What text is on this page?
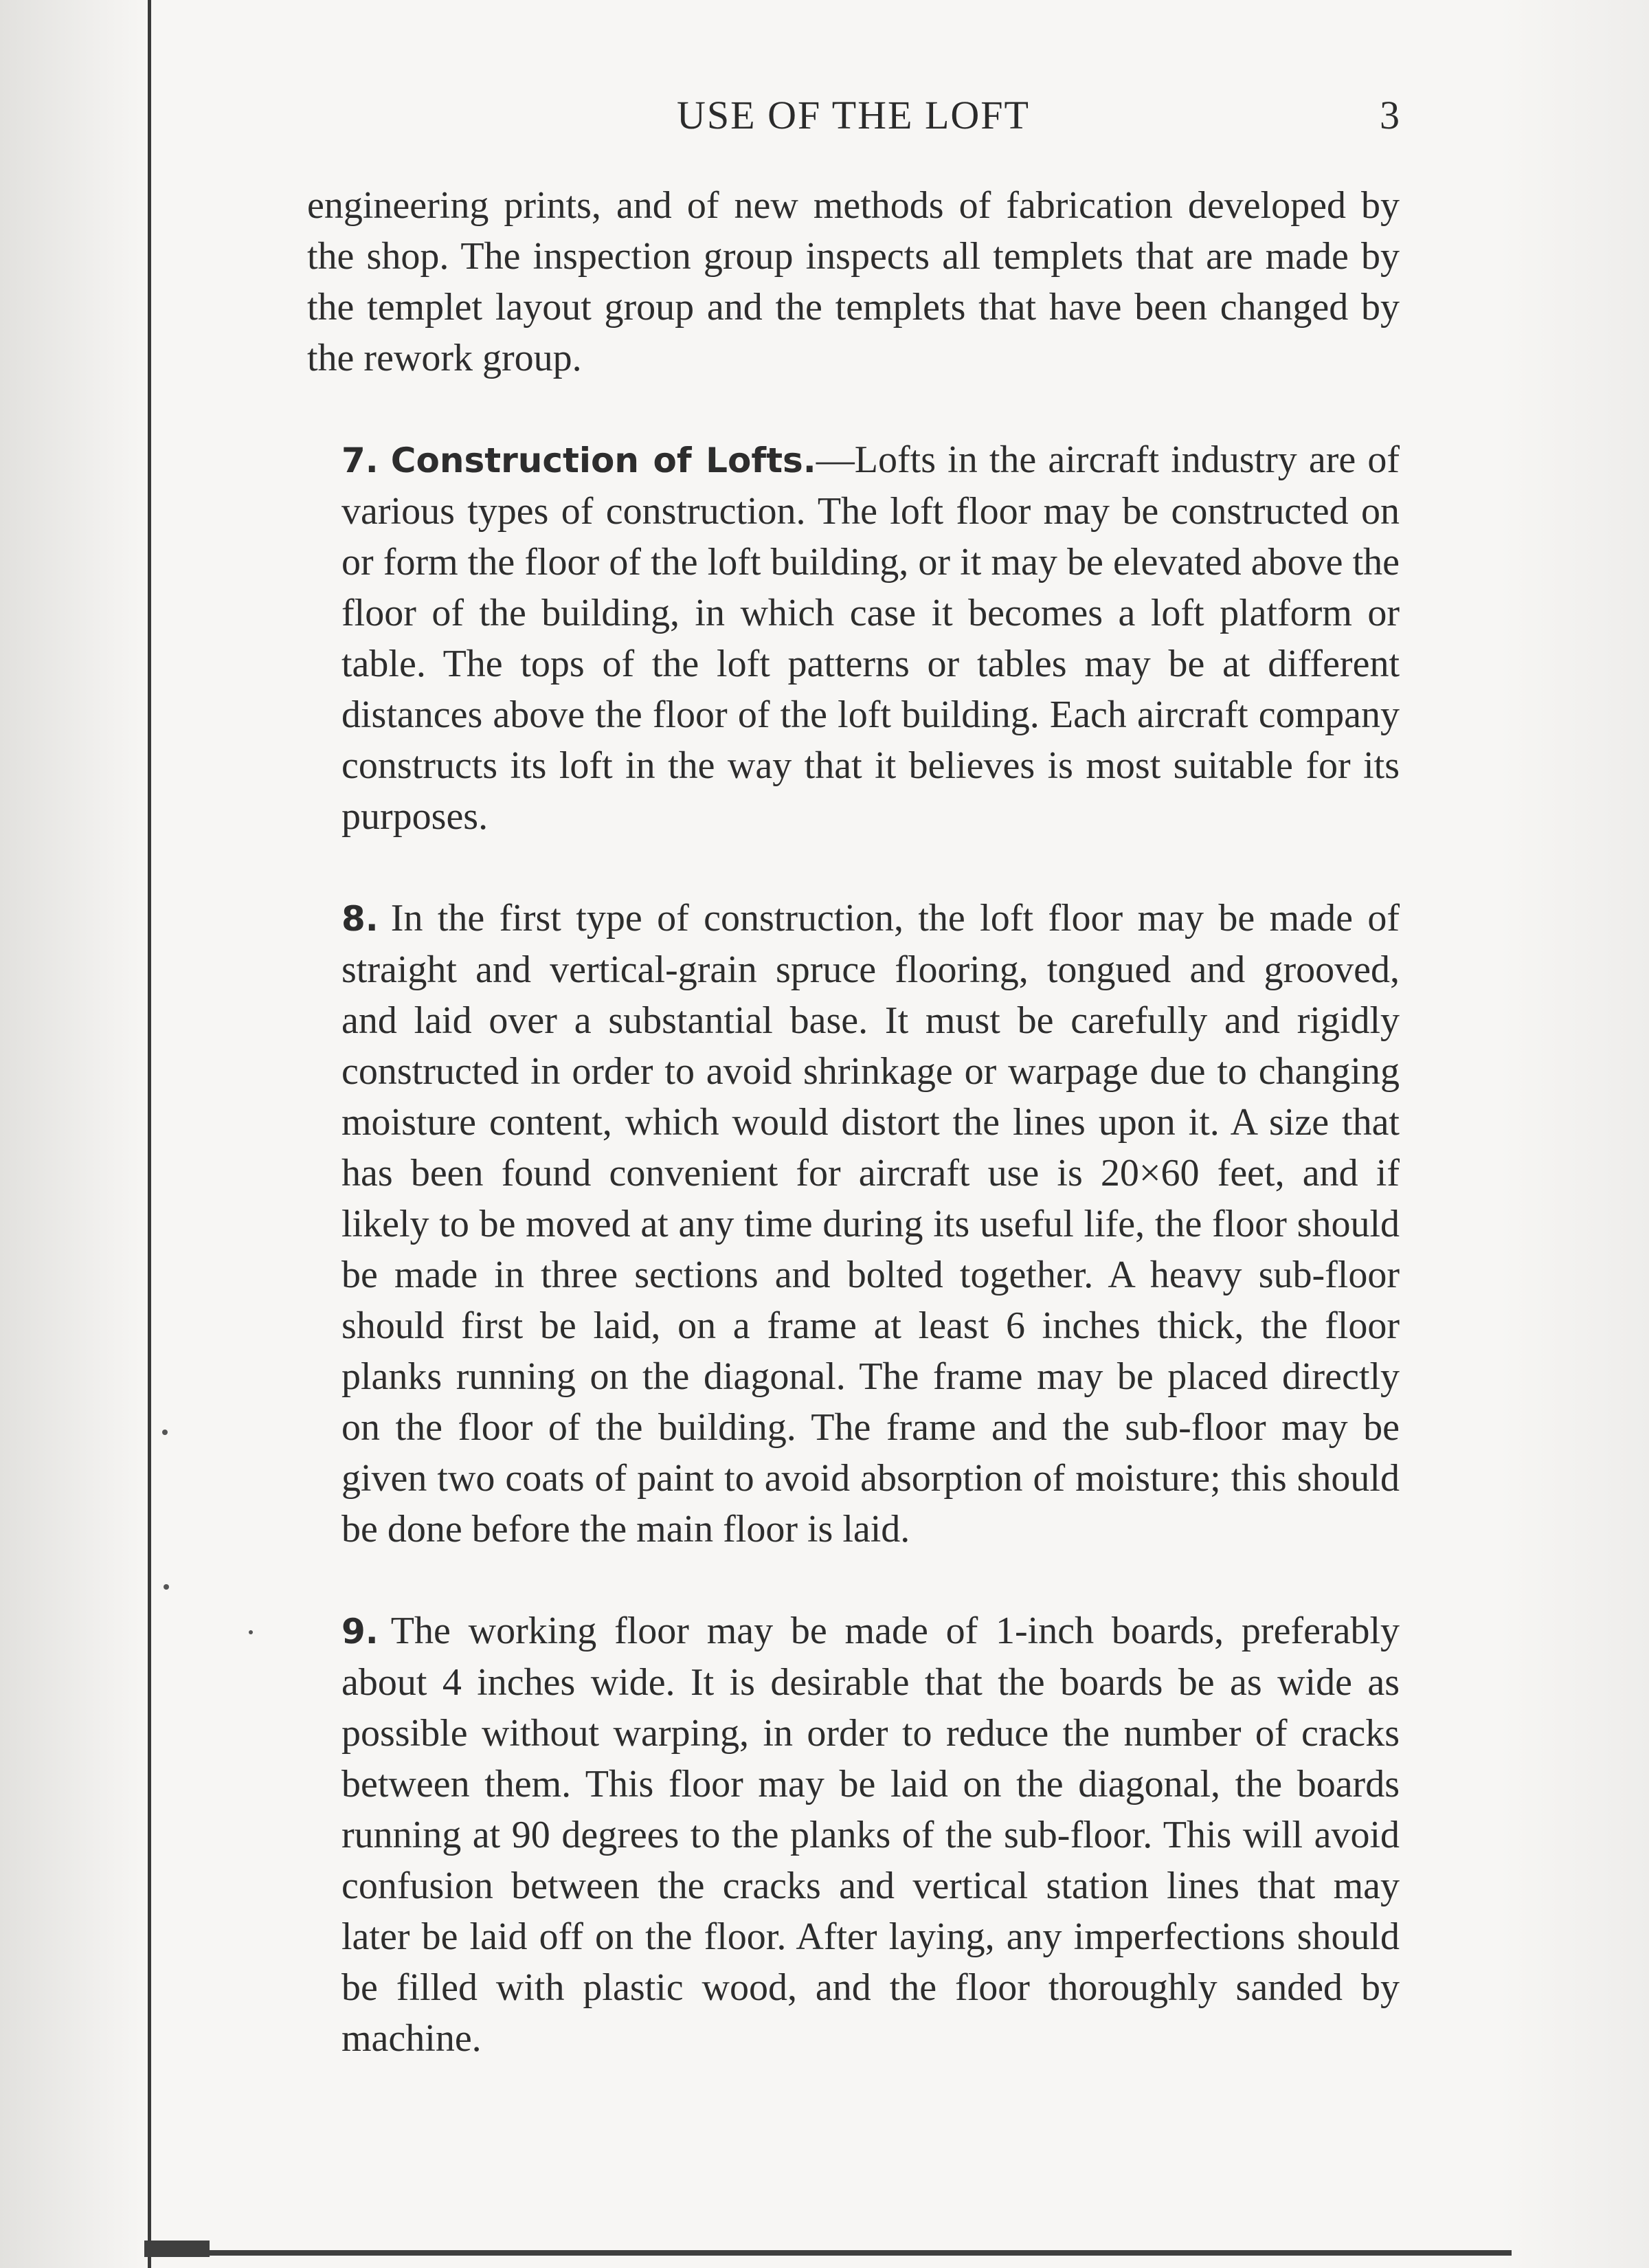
USE OF THE LOFT	3

engineering prints, and of new methods of fabrication developed by the shop. The inspection group inspects all templets that are made by the templet layout group and the templets that have been changed by the rework group.

7. Construction of Lofts.—Lofts in the aircraft industry are of various types of construction. The loft floor may be constructed on or form the floor of the loft building, or it may be elevated above the floor of the building, in which case it becomes a loft platform or table. The tops of the loft patterns or tables may be at different distances above the floor of the loft building. Each aircraft company constructs its loft in the way that it believes is most suitable for its purposes.

8. In the first type of construction, the loft floor may be made of straight and vertical-grain spruce flooring, tongued and grooved, and laid over a substantial base. It must be carefully and rigidly constructed in order to avoid shrinkage or warpage due to changing moisture content, which would distort the lines upon it. A size that has been found convenient for aircraft use is 20×60 feet, and if likely to be moved at any time during its useful life, the floor should be made in three sections and bolted together. A heavy sub-floor should first be laid, on a frame at least 6 inches thick, the floor planks running on the diagonal. The frame may be placed directly on the floor of the building. The frame and the sub-floor may be given two coats of paint to avoid absorption of moisture; this should be done before the main floor is laid.

9. The working floor may be made of 1-inch boards, preferably about 4 inches wide. It is desirable that the boards be as wide as possible without warping, in order to reduce the number of cracks between them. This floor may be laid on the diagonal, the boards running at 90 degrees to the planks of the sub-floor. This will avoid confusion between the cracks and vertical station lines that may later be laid off on the floor. After laying, any imperfections should be filled with plastic wood, and the floor thoroughly sanded by machine.
